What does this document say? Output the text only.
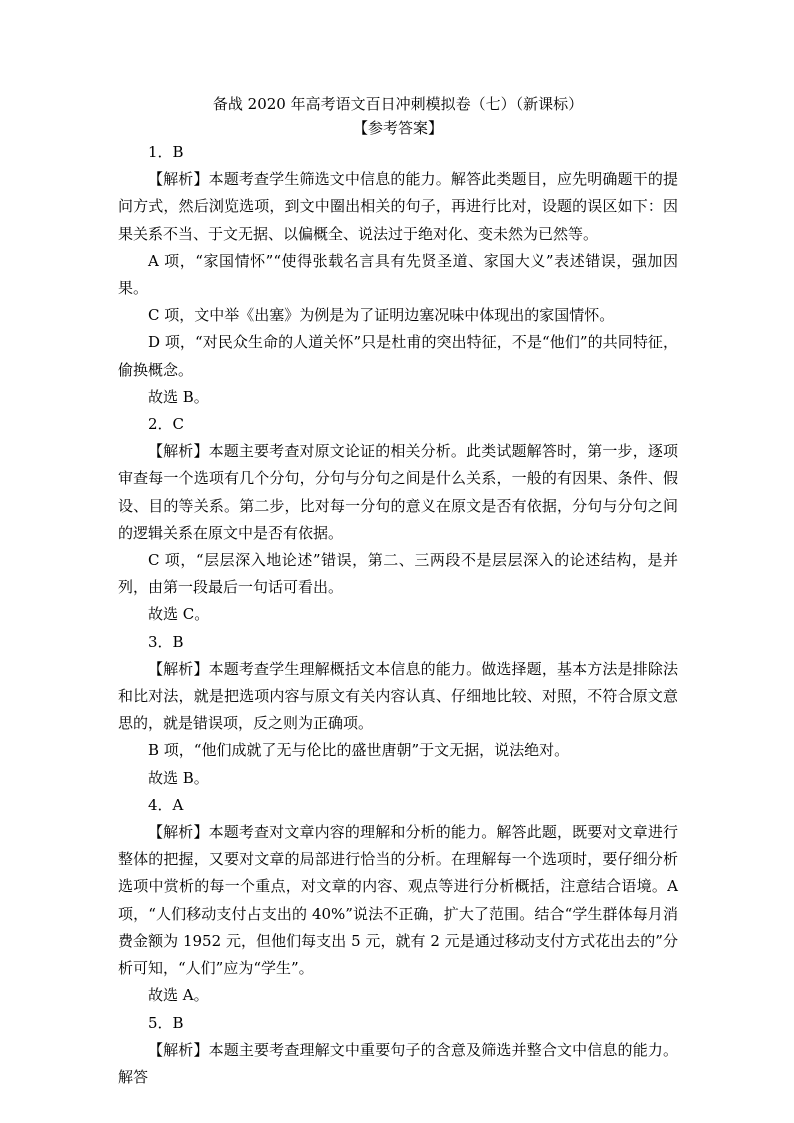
备战 2020 年高考语文百日冲刺模拟卷（七）（新课标）
【参考答案】

1．B

【解析】本题考查学生筛选文中信息的能力。解答此类题目，应先明确题干的提问方式，然后浏览选项，到文中圈出相关的句子，再进行比对，设题的误区如下：因果关系不当、于文无据、以偏概全、说法过于绝对化、变未然为已然等。

A 项，“家国情怀”“使得张载名言具有先贤圣道、家国大义”表述错误，强加因果。

C 项，文中举《出塞》为例是为了证明边塞况味中体现出的家国情怀。

D 项，“对民众生命的人道关怀”只是杜甫的突出特征，不是“他们”的共同特征，偷换概念。

故选 B。

2．C

【解析】本题主要考查对原文论证的相关分析。此类试题解答时，第一步，逐项审查每一个选项有几个分句，分句与分句之间是什么关系，一般的有因果、条件、假设、目的等关系。第二步，比对每一分句的意义在原文是否有依据，分句与分句之间的逻辑关系在原文中是否有依据。

C 项，“层层深入地论述”错误，第二、三两段不是层层深入的论述结构，是并列，由第一段最后一句话可看出。

故选 C。

3．B

【解析】本题考查学生理解概括文本信息的能力。做选择题，基本方法是排除法和比对法，就是把选项内容与原文有关内容认真、仔细地比较、对照，不符合原文意思的，就是错误项，反之则为正确项。

B 项，“他们成就了无与伦比的盛世唐朝”于文无据，说法绝对。

故选 B。

4．A

【解析】本题考查对文章内容的理解和分析的能力。解答此题，既要对文章进行整体的把握，又要对文章的局部进行恰当的分析。在理解每一个选项时，要仔细分析选项中赏析的每一个重点，对文章的内容、观点等进行分析概括，注意结合语境。A 项，“人们移动支付占支出的 40%”说法不正确，扩大了范围。结合“学生群体每月消费金额为 1952 元，但他们每支出 5 元，就有 2 元是通过移动支付方式花出去的”分析可知，“人们”应为“学生”。

故选 A。

5．B

【解析】本题主要考查理解文中重要句子的含意及筛选并整合文中信息的能力。解答
